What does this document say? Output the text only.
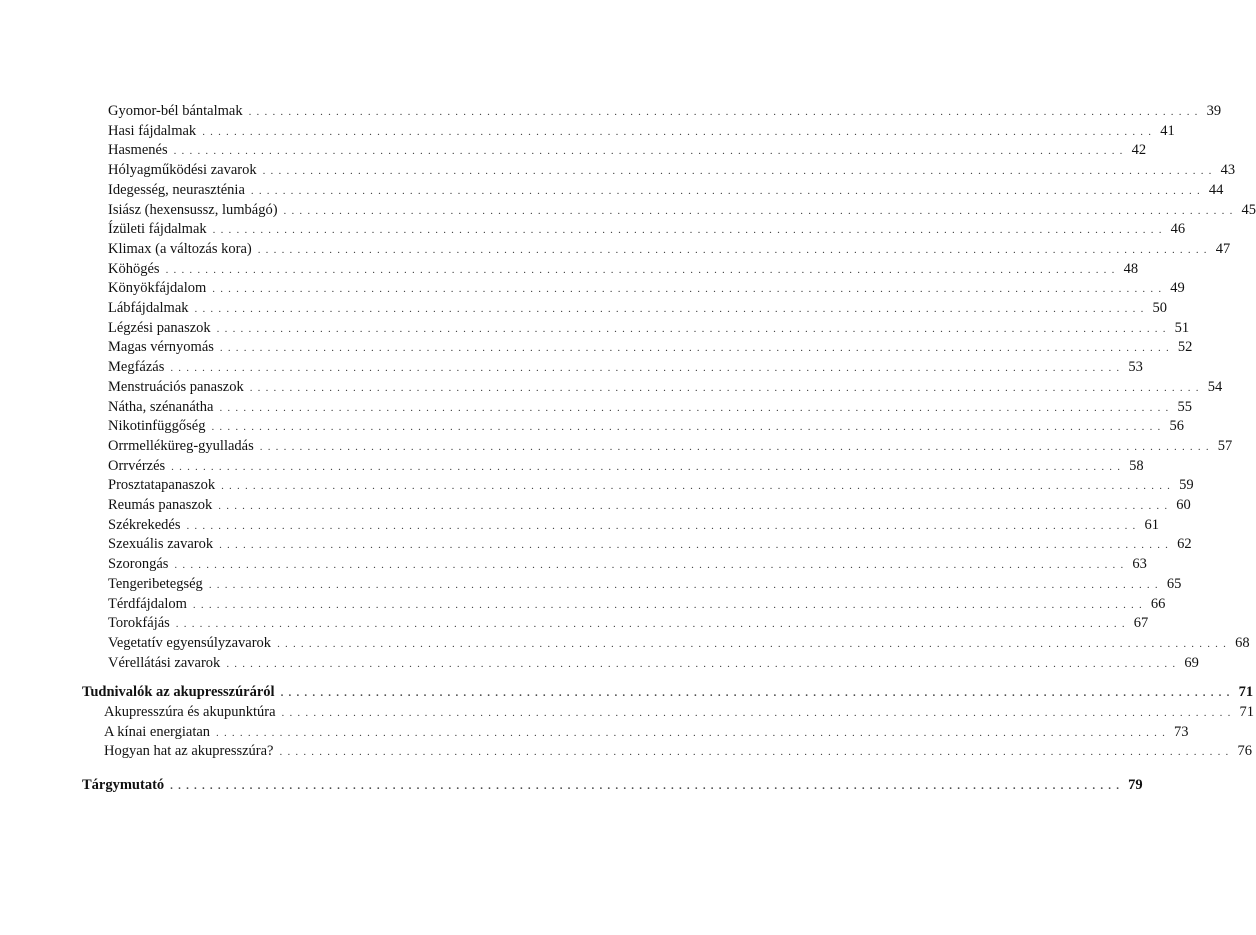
Gyomor-bél bántalmak ........................................................................................................................ 39
Hasi fájdalmak ........................................................................................................................ 41
Hasmenés ........................................................................................................................ 42
Hólyagműködési zavarok ........................................................................................................................ 43
Idegesség, neuraszténia ........................................................................................................................ 44
Isiász (hexensussz, lumbágó) ........................................................................................................................ 45
Ízületi fájdalmak ........................................................................................................................ 46
Klimax (a változás kora) ........................................................................................................................ 47
Köhögés ........................................................................................................................ 48
Könyökfájdalom ........................................................................................................................ 49
Lábfájdalmak ........................................................................................................................ 50
Légzési panaszok ........................................................................................................................ 51
Magas vérnyomás ........................................................................................................................ 52
Megfázás ........................................................................................................................ 53
Menstruációs panaszok ........................................................................................................................ 54
Nátha, szénanátha ........................................................................................................................ 55
Nikotinfüggőség ........................................................................................................................ 56
Orrmelléküreg-gyulladás ........................................................................................................................ 57
Orrvérzés ........................................................................................................................ 58
Prosztatapanaszok ........................................................................................................................ 59
Reumás panaszok ........................................................................................................................ 60
Székrekedés ........................................................................................................................ 61
Szexuális zavarok ........................................................................................................................ 62
Szorongás ........................................................................................................................ 63
Tengeribetegség ........................................................................................................................ 65
Térdfájdalom ........................................................................................................................ 66
Torokfájás ........................................................................................................................ 67
Vegetatív egyensúlyzavarok ........................................................................................................................ 68
Vérellátási zavarok ........................................................................................................................ 69
Tudnivalók az akupresszúráról ........................................................................................................................ 71
Akupresszúra és akupunktúra ........................................................................................................................ 71
A kínai energiatan ........................................................................................................................ 73
Hogyan hat az akupresszúra? ........................................................................................................................ 76
Tárgymutató ........................................................................................................................ 79
